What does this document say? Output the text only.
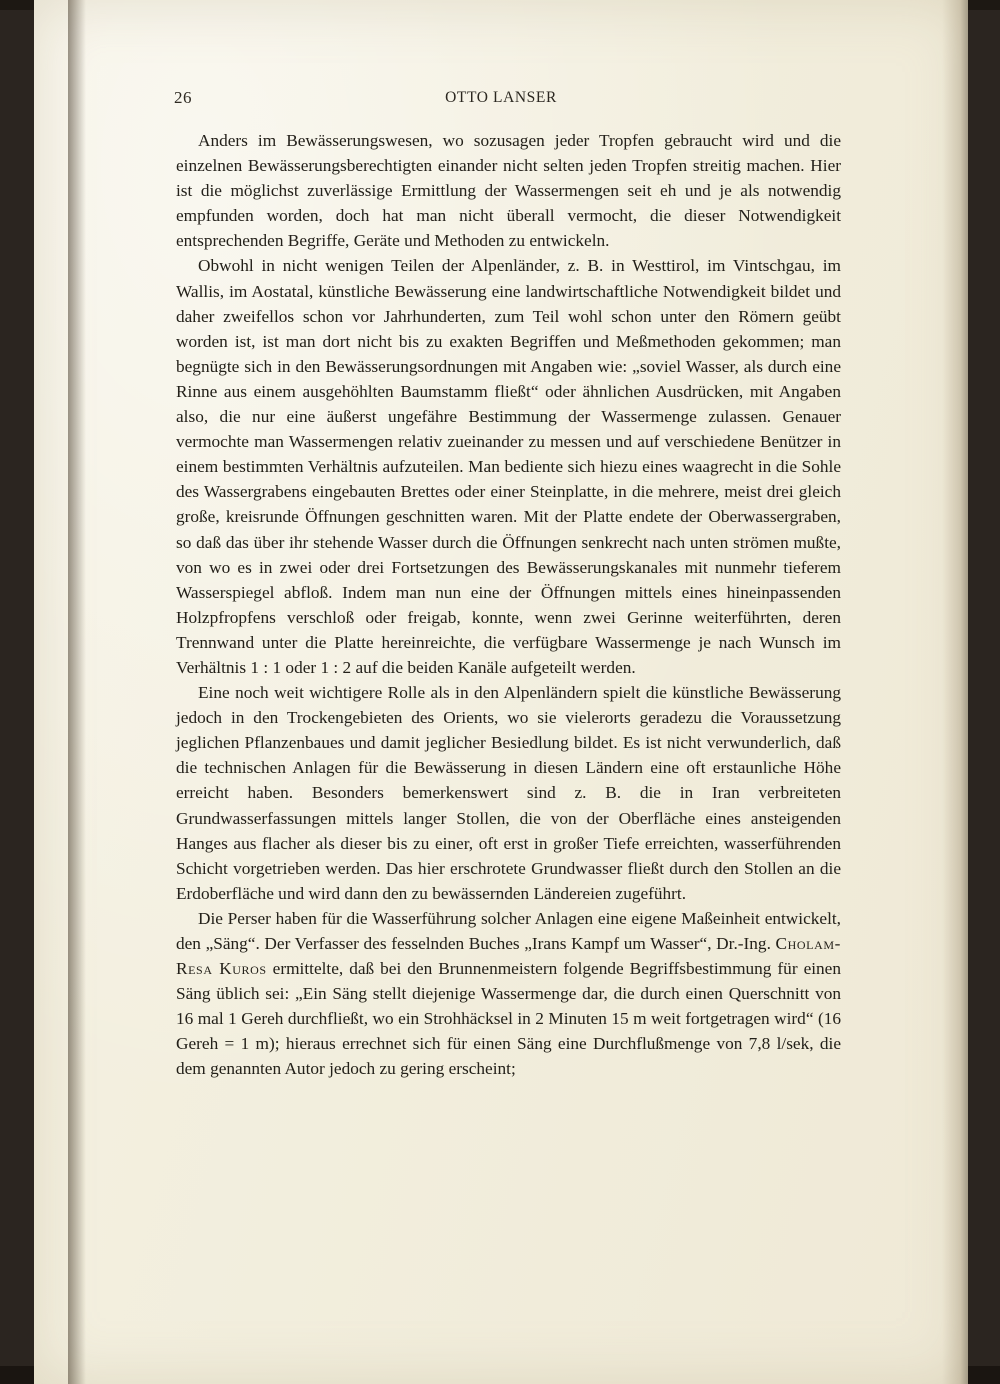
26	OTTO LANSER

Anders im Bewässerungswesen, wo sozusagen jeder Tropfen gebraucht wird und die einzelnen Bewässerungsberechtigten einander nicht selten jeden Tropfen streitig machen. Hier ist die möglichst zuverlässige Ermittlung der Wassermengen seit eh und je als notwendig empfunden worden, doch hat man nicht überall vermocht, die dieser Notwendigkeit entsprechenden Begriffe, Geräte und Methoden zu entwickeln.

Obwohl in nicht wenigen Teilen der Alpenländer, z. B. in Westtirol, im Vintschgau, im Wallis, im Aostatal, künstliche Bewässerung eine landwirtschaftliche Notwendigkeit bildet und daher zweifellos schon vor Jahrhunderten, zum Teil wohl schon unter den Römern geübt worden ist, ist man dort nicht bis zu exakten Begriffen und Meßmethoden gekommen; man begnügte sich in den Bewässerungsordnungen mit Angaben wie: „soviel Wasser, als durch eine Rinne aus einem ausgehöhlten Baumstamm fließt“ oder ähnlichen Ausdrücken, mit Angaben also, die nur eine äußerst ungefähre Bestimmung der Wassermenge zulassen. Genauer vermochte man Wassermengen relativ zueinander zu messen und auf verschiedene Benützer in einem bestimmten Verhältnis aufzuteilen. Man bediente sich hiezu eines waagrecht in die Sohle des Wassergrabens eingebauten Brettes oder einer Steinplatte, in die mehrere, meist drei gleich große, kreisrunde Öffnungen geschnitten waren. Mit der Platte endete der Oberwassergraben, so daß das über ihr stehende Wasser durch die Öffnungen senkrecht nach unten strömen mußte, von wo es in zwei oder drei Fortsetzungen des Bewässerungskanales mit nunmehr tieferem Wasserspiegel abfloß. Indem man nun eine der Öffnungen mittels eines hineinpassenden Holzpfropfens verschloß oder freigab, konnte, wenn zwei Gerinne weiterführten, deren Trennwand unter die Platte hereinreichte, die verfügbare Wassermenge je nach Wunsch im Verhältnis 1 : 1 oder 1 : 2 auf die beiden Kanäle aufgeteilt werden.

Eine noch weit wichtigere Rolle als in den Alpenländern spielt die künstliche Bewässerung jedoch in den Trockengebieten des Orients, wo sie vielerorts geradezu die Voraussetzung jeglichen Pflanzenbaues und damit jeglicher Besiedlung bildet. Es ist nicht verwunderlich, daß die technischen Anlagen für die Bewässerung in diesen Ländern eine oft erstaunliche Höhe erreicht haben. Besonders bemerkenswert sind z. B. die in Iran verbreiteten Grundwasserfassungen mittels langer Stollen, die von der Oberfläche eines ansteigenden Hanges aus flacher als dieser bis zu einer, oft erst in großer Tiefe erreichten, wasserführenden Schicht vorgetrieben werden. Das hier erschrotete Grundwasser fließt durch den Stollen an die Erdoberfläche und wird dann den zu bewässernden Ländereien zugeführt.

Die Perser haben für die Wasserführung solcher Anlagen eine eigene Maßeinheit entwickelt, den „Säng“. Der Verfasser des fesselnden Buches „Irans Kampf um Wasser“, Dr.-Ing. Cholam-Resa Kuros ermittelte, daß bei den Brunnenmeistern folgende Begriffsbestimmung für einen Säng üblich sei: „Ein Säng stellt diejenige Wassermenge dar, die durch einen Querschnitt von 16 mal 1 Gereh durchfließt, wo ein Strohhäcksel in 2 Minuten 15 m weit fortgetragen wird“ (16 Gereh = 1 m); hieraus errechnet sich für einen Säng eine Durchflußmenge von 7,8 l/sek, die dem genannten Autor jedoch zu gering erscheint;
